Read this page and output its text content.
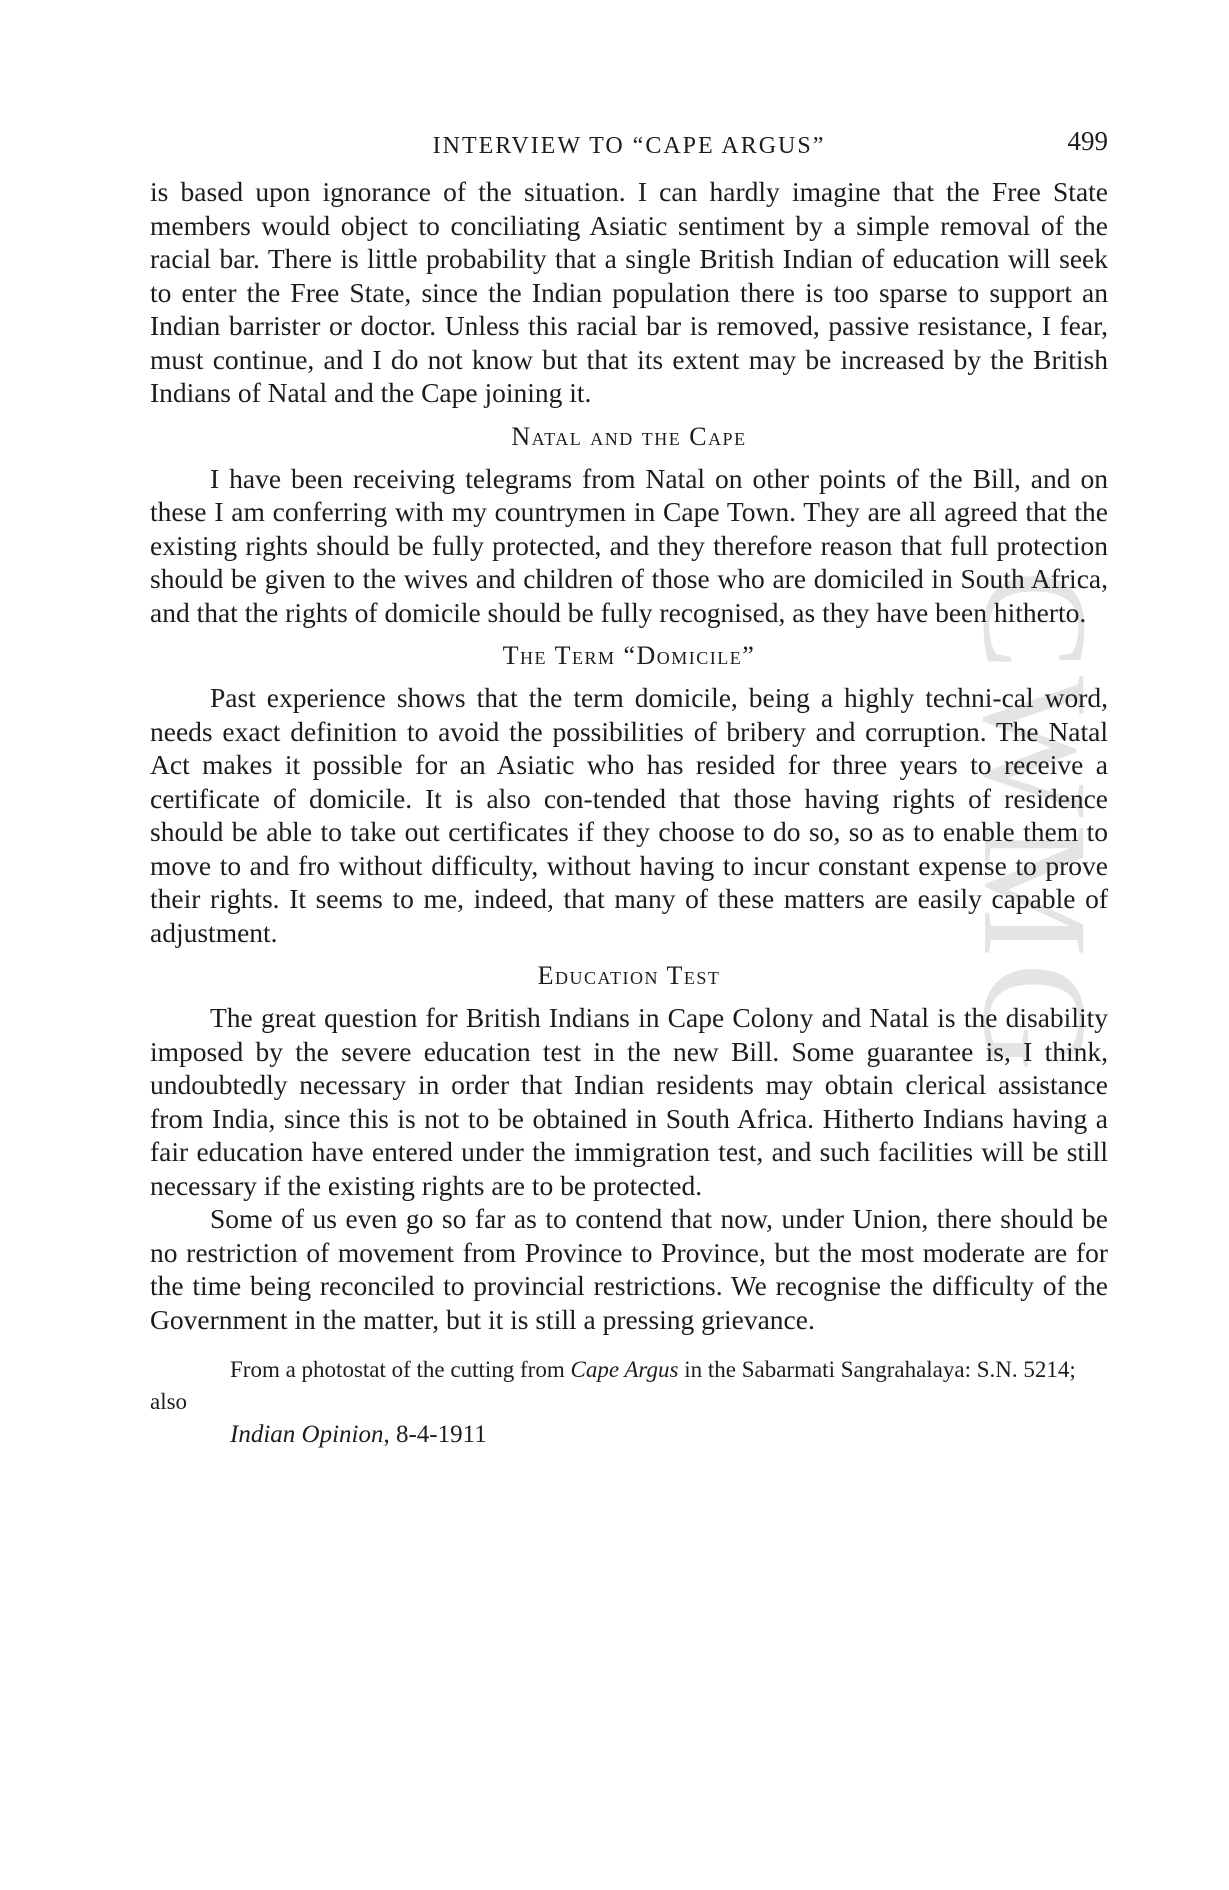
CWMG
INTERVIEW TO “CAPE ARGUS”	499

is based upon ignorance of the situation. I can hardly imagine that the Free State members would object to conciliating Asiatic sentiment by a simple removal of the racial bar. There is little probability that a single British Indian of education will seek to enter the Free State, since the Indian population there is too sparse to support an Indian barrister or doctor. Unless this racial bar is removed, passive resistance, I fear, must continue, and I do not know but that its extent may be increased by the British Indians of Natal and the Cape joining it.

Natal and the Cape

I have been receiving telegrams from Natal on other points of the Bill, and on these I am conferring with my countrymen in Cape Town. They are all agreed that the existing rights should be fully protected, and they therefore reason that full protection should be given to the wives and children of those who are domiciled in South Africa, and that the rights of domicile should be fully recognised, as they have been hitherto.

The Term “Domicile”

Past experience shows that the term domicile, being a highly techni-cal word, needs exact definition to avoid the possibilities of bribery and corruption. The Natal Act makes it possible for an Asiatic who has resided for three years to receive a certificate of domicile. It is also con-tended that those having rights of residence should be able to take out certificates if they choose to do so, so as to enable them to move to and fro without difficulty, without having to incur constant expense to prove their rights. It seems to me, indeed, that many of these matters are easily capable of adjustment.

Education Test

The great question for British Indians in Cape Colony and Natal is the disability imposed by the severe education test in the new Bill. Some guarantee is, I think, undoubtedly necessary in order that Indian residents may obtain clerical assistance from India, since this is not to be obtained in South Africa. Hitherto Indians having a fair education have entered under the immigration test, and such facilities will be still necessary if the existing rights are to be protected.

Some of us even go so far as to contend that now, under Union, there should be no restriction of movement from Province to Province, but the most moderate are for the time being reconciled to provincial restrictions. We recognise the difficulty of the Government in the matter, but it is still a pressing grievance.

From a photostat of the cutting from Cape Argus in the Sabarmati Sangrahalaya: S.N. 5214; also
Indian Opinion, 8-4-1911
